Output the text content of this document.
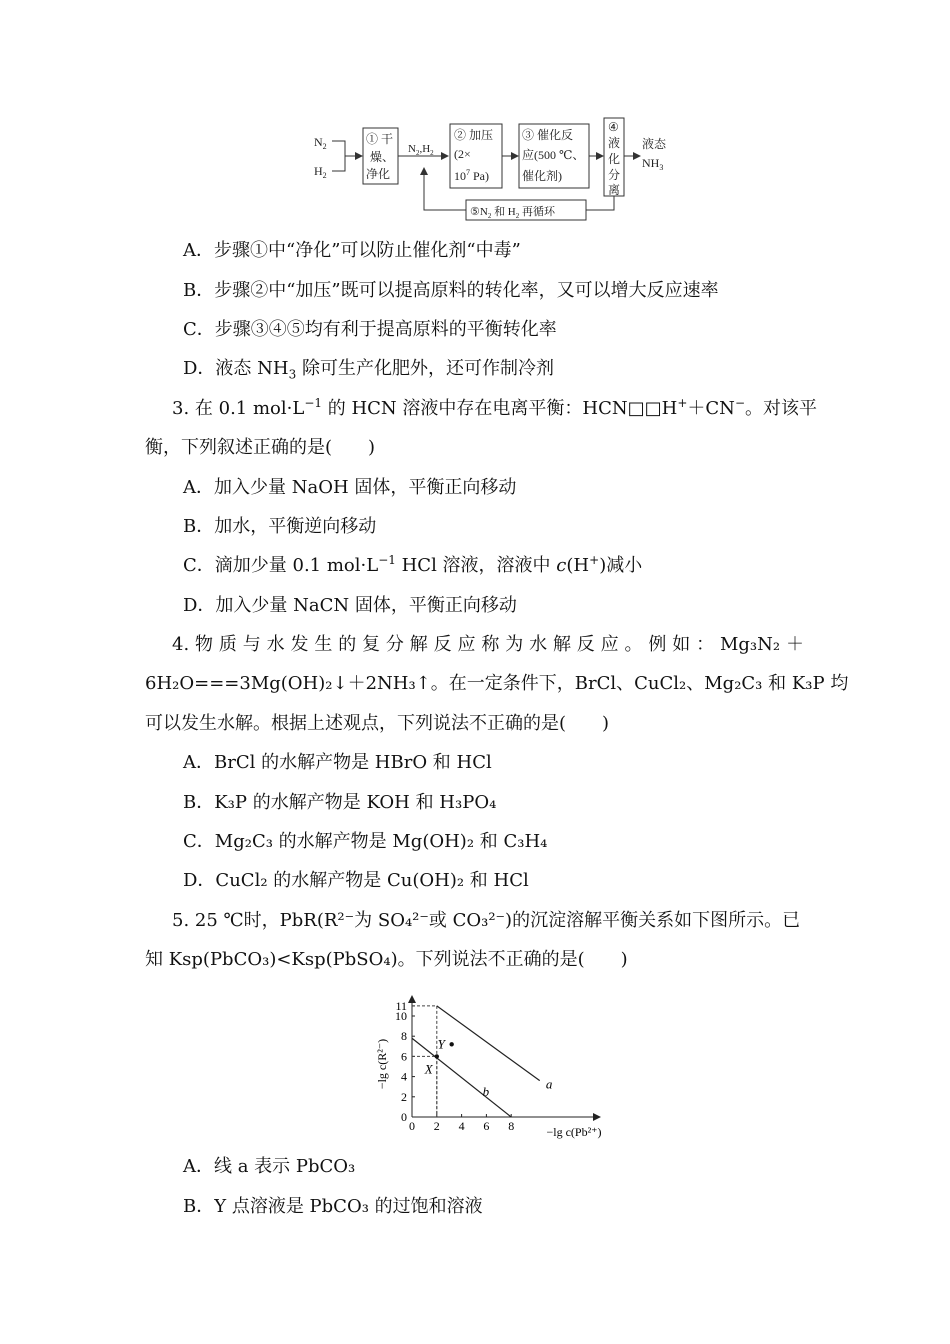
$N_2$
$H_2$
① 干 燥、 净化
$N_2,H_2$
② 加压 ($2\times 10^7$ Pa)
③ 催化反 应(500 ℃、 催化剂)
④ 液 化 分 离
液态 $NH_3$
$⑤N_2$ 和 $H_2$ 再循环
A．步骤①中“净化”可以防止催化剂“中毒”
B．步骤②中“加压”既可以提高原料的转化率，又可以增大反应速率
C．步骤③④⑤均有利于提高原料的平衡转化率
D．液态 $NH_3$ 除可生产化肥外，还可作制冷剂
3. 在 0.1 $mol\cdot L^{-1}$ 的 HCN 溶液中存在电离平衡：HCN□□H+＋CN−。对该平
衡，下列叙述正确的是(　　)
A．加入少量 NaOH 固体，平衡正向移动
B．加水，平衡逆向移动
C．滴加少量 0.1 $mol\cdot L^{-1}$ HCl 溶液，溶液中 c(H+)减小
D．加入少量 NaCN 固体，平衡正向移动
4. 物 质 与 水 发 生 的 复 分 解 反 应 称 为 水 解 反 应 。 例 如 ： Mg₃N₂ ＋
6H₂O===3Mg(OH)₂↓＋2NH₃↑。在一定条件下，BrCl、CuCl₂、Mg₂C₃ 和 K₃P 均
可以发生水解。根据上述观点，下列说法不正确的是(　　)
A．BrCl 的水解产物是 HBrO 和 HCl
B．K₃P 的水解产物是 KOH 和 H₃PO₄
C．Mg₂C₃ 的水解产物是 Mg(OH)₂ 和 C₃H₄
D．CuCl₂ 的水解产物是 Cu(OH)₂ 和 HCl
5. 25 ℃时，PbR(R²⁻为 SO₄²⁻或 CO₃²⁻)的沉淀溶解平衡关系如下图所示。已
知 Ksp(PbCO₃)<Ksp(PbSO₄)。下列说法不正确的是(　　)
0 2 4 6 8
0
2
4
6
8
10
11
a
b
X
Y
−lg c(R²⁻)
−lg c(Pb²⁺)
A．线 a 表示 PbCO₃
B．Y 点溶液是 PbCO₃ 的过饱和溶液
